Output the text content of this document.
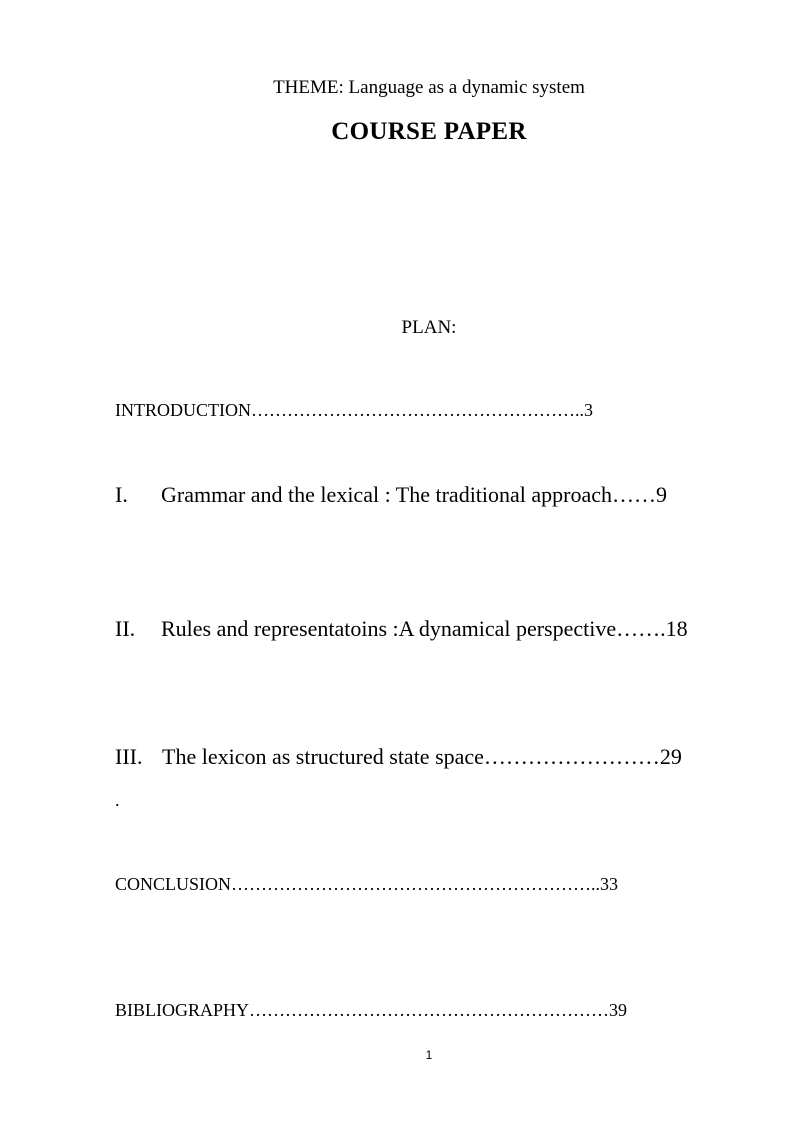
THEME: Language as a dynamic system

COURSE PAPER

PLAN:

INTRODUCTION………………………………………………..3

I. Grammar and the lexical : The traditional approach……9

II. Rules and representatoins :A dynamical perspective…….18

III. The lexicon as structured state space……………………29

.

CONCLUSION……………………………………………………..33

BIBLIOGRAPHY……………………………………………………39

1
